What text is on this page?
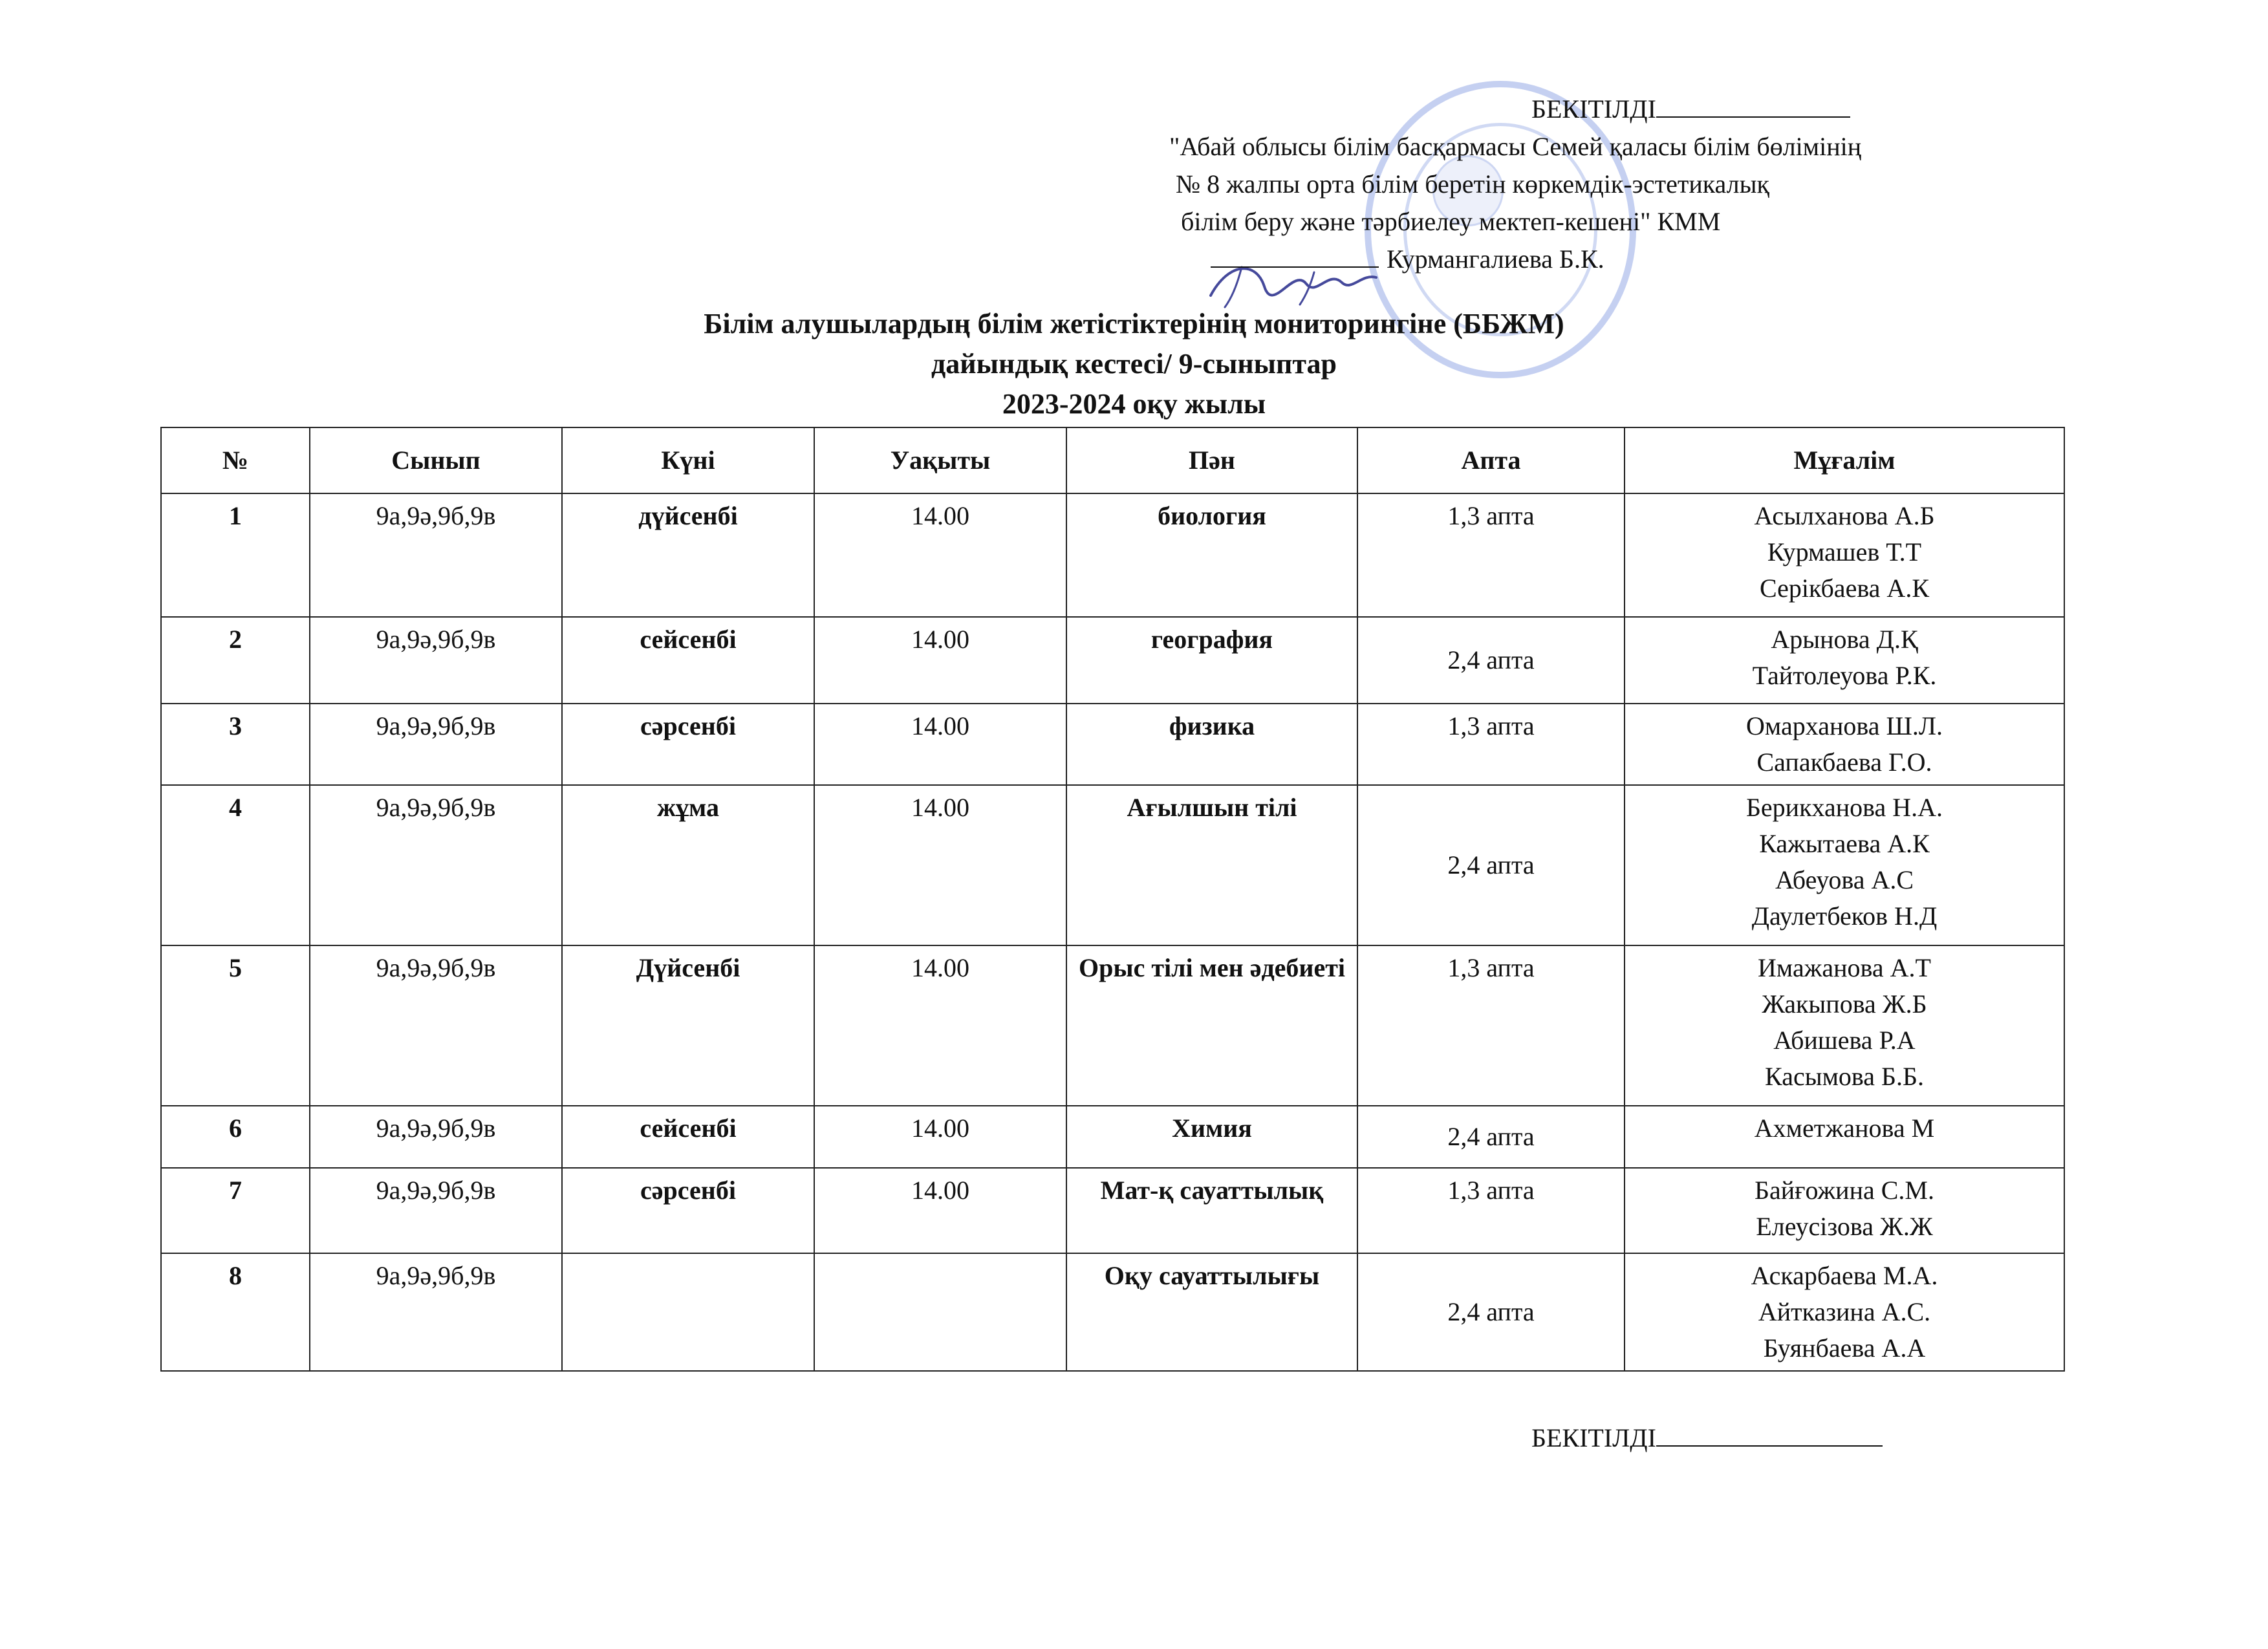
БЕКІТІЛДІ
"Абай облысы білім басқармасы Семей қаласы білім бөлімінің
№ 8 жалпы орта білім беретін көркемдік-эстетикалық
білім беру және тәрбиелеу мектеп-кешені" КММ
Курмангалиева Б.К.
Білім алушылардың білім жетістіктерінің мониторингіне (ББЖМ)
дайындық кестесі/ 9-сыныптар
2023-2024 оқу жылы
№	Сынып	Күні	Уақыты	Пән	Апта	Мұғалім
1	9а,9ә,9б,9в	дүйсенбі	14.00	биология	1,3 апта	Асылханова А.Б
Курмашев Т.Т
Серікбаева А.К

2	9а,9ә,9б,9в	сейсенбі	14.00	география	2,4 апта	Арынова Д.Қ
Тайтолеуова Р.К.

3	9а,9ә,9б,9в	сәрсенбі	14.00	физика	1,3 апта	Омарханова Ш.Л.
Сапакбаева Г.О.

4	9а,9ә,9б,9в	жұма	14.00	Ағылшын тілі	2,4 апта	Берикханова Н.А.
Кажытаева А.К
Абеуова А.С
Даулетбеков Н.Д

5	9а,9ә,9б,9в	Дүйсенбі	14.00	Орыс тілі мен әдебиеті	1,3 апта	Имажанова А.Т
Жакыпова Ж.Б
Абишева Р.А
Касымова Б.Б.

6	9а,9ә,9б,9в	сейсенбі	14.00	Химия	2,4 апта	Ахметжанова М

7	9а,9ә,9б,9в	сәрсенбі	14.00	Мат-қ сауаттылық	1,3 апта	Байғожина С.М.
Елеусізова Ж.Ж

8	9а,9ә,9б,9в			Оқу сауаттылығы	2,4 апта	Аскарбаева М.А.
Айтказина А.С.
Буянбаева А.А
БЕКІТІЛДІ
